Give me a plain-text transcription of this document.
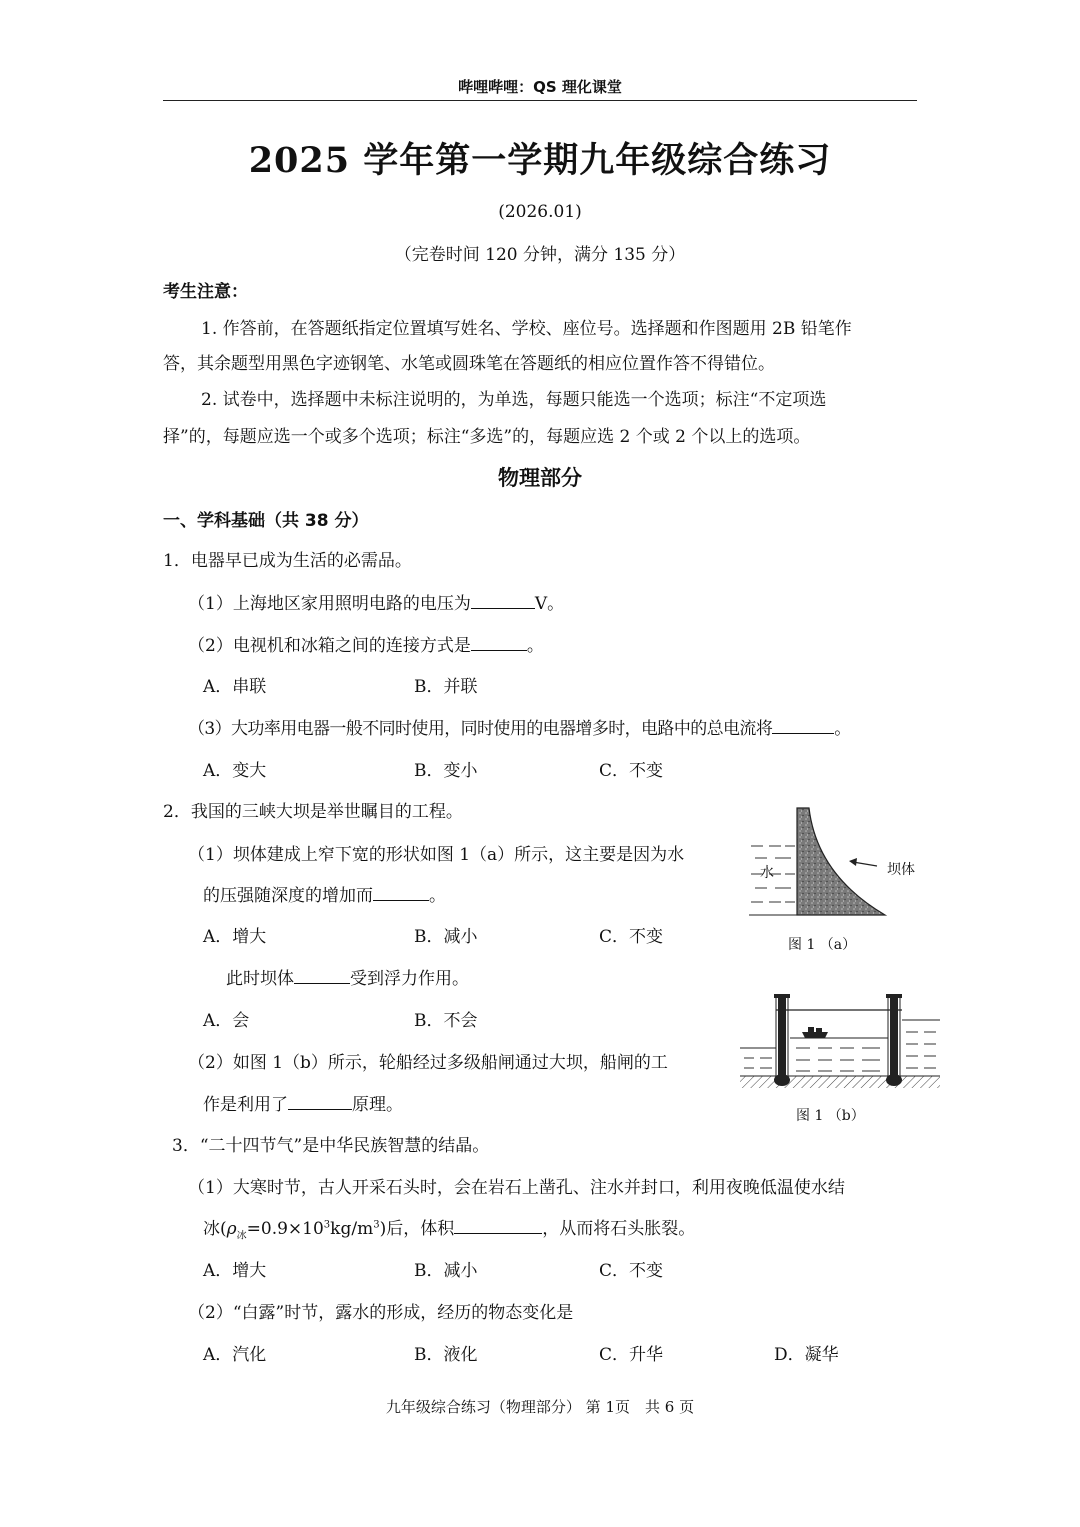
哔哩哔哩：QS 理化课堂
2025 学年第一学期九年级综合练习
(2026.01)
（完卷时间 120 分钟，满分 135 分）
考生注意：
1. 作答前，在答题纸指定位置填写姓名、学校、座位号。选择题和作图题用 2B 铅笔作
答，其余题型用黑色字迹钢笔、水笔或圆珠笔在答题纸的相应位置作答不得错位。
2. 试卷中，选择题中未标注说明的，为单选，每题只能选一个选项；标注“不定项选
择”的，每题应选一个或多个选项；标注“多选”的，每题应选 2 个或 2 个以上的选项。
物理部分
一、学科基础（共 38 分）
1．电器早已成为生活的必需品。
（1）上海地区家用照明电路的电压为	V。
（2）电视机和冰箱之间的连接方式是	。
A．串联	B．并联
（3）大功率用电器一般不同时使用，同时使用的电器增多时，电路中的总电流将	。
A．变大	B．变小	C．不变
2．我国的三峡大坝是举世瞩目的工程。
（1）坝体建成上窄下宽的形状如图 1（a）所示，这主要是因为水
的压强随深度的增加而	。
A．增大	B．减小	C．不变
此时坝体	受到浮力作用。
A．会	B．不会
（2）如图 1（b）所示，轮船经过多级船闸通过大坝，船闸的工
作是利用了	原理。
水	坝体
图 1 （a）
图 1 （b）
3．“二十四节气”是中华民族智慧的结晶。
（1）大寒时节，古人开采石头时，会在岩石上凿孔、注水并封口，利用夜晚低温使水结
冰$(\rho_冰=0.9\times 10^3kg/m^3)$后，体积	，从而将石头胀裂。
A．增大	B．减小	C．不变
（2）“白露”时节，露水的形成，经历的物态变化是
A．汽化	B．液化	C．升华	D．凝华
九年级综合练习（物理部分） 第 1页　共 6 页
